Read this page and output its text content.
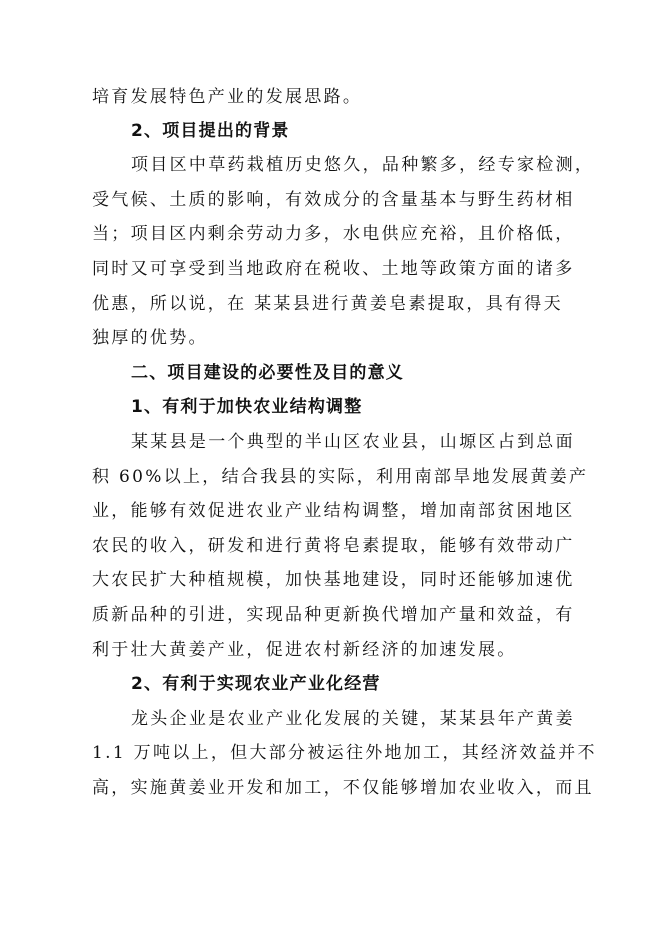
培育发展特色产业的发展思路。
2、项目提出的背景
项目区中草药栽植历史悠久，品种繁多，经专家检测，
受气候、土质的影响，有效成分的含量基本与野生药材相
当；项目区内剩余劳动力多，水电供应充裕，且价格低，
同时又可享受到当地政府在税收、土地等政策方面的诸多
优惠，所以说，在 某某县进行黄姜皂素提取，具有得天
独厚的优势。
二、项目建设的必要性及目的意义
1、有利于加快农业结构调整
某某县是一个典型的半山区农业县，山塬区占到总面
积 60%以上，结合我县的实际，利用南部旱地发展黄姜产
业，能够有效促进农业产业结构调整，增加南部贫困地区
农民的收入，研发和进行黄将皂素提取，能够有效带动广
大农民扩大种植规模，加快基地建设，同时还能够加速优
质新品种的引进，实现品种更新换代增加产量和效益，有
利于壮大黄姜产业，促进农村新经济的加速发展。
2、有利于实现农业产业化经营
龙头企业是农业产业化发展的关键，某某县年产黄姜
1.1 万吨以上，但大部分被运往外地加工，其经济效益并不
高，实施黄姜业开发和加工，不仅能够增加农业收入，而且
